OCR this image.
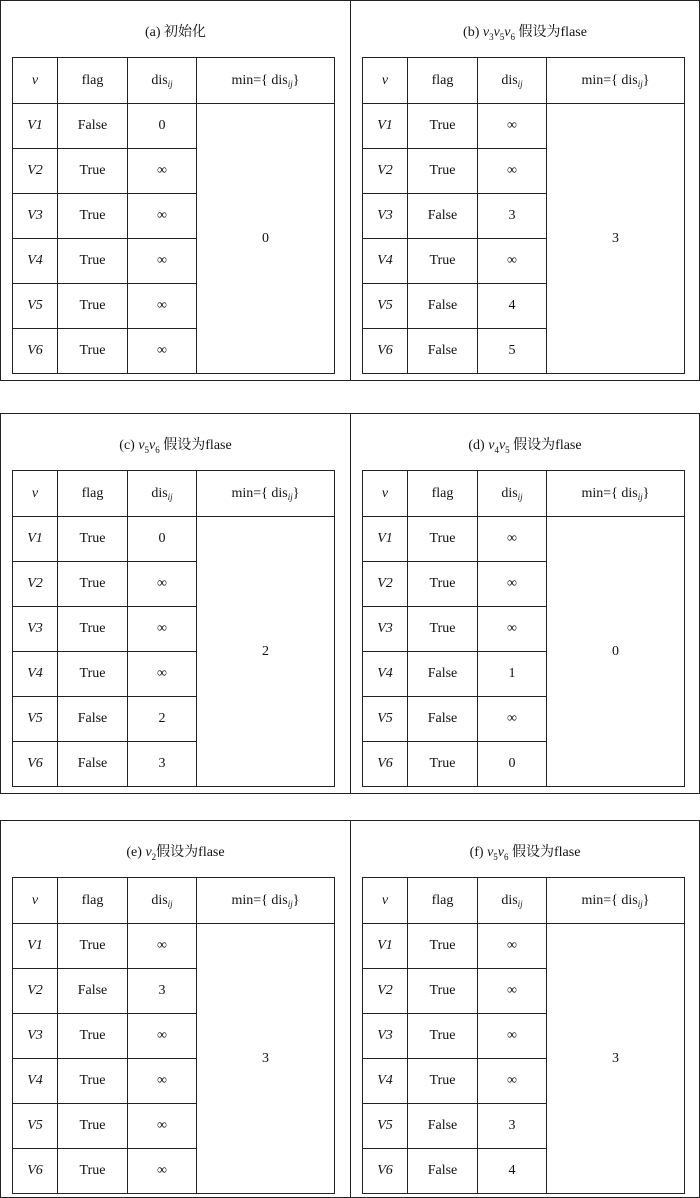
(a) 初始化
v	flag	dis$_{ij}$	min={ dis$_{ij}$}
V1	False	0	0
V2	True	∞	
V3	True	∞	
V4	True	∞	
V5	True	∞	
V6	True	∞	
(b) $v_3v_5v_6$ 假设为flase
v	flag	dis$_{ij}$	min={ dis$_{ij}$}
V1	True	∞	3
V2	True	∞	
V3	False	3	
V4	True	∞	
V5	False	4	
V6	False	5	
(c) $v_5v_6$ 假设为flase
v	flag	dis$_{ij}$	min={ dis$_{ij}$}
V1	True	0	2
V2	True	∞	
V3	True	∞	
V4	True	∞	
V5	False	2	
V6	False	3	
(d) $v_4v_5$ 假设为flase
v	flag	dis$_{ij}$	min={ dis$_{ij}$}
V1	True	∞	0
V2	True	∞	
V3	True	∞	
V4	False	1	
V5	False	∞	
V6	True	0	
(e) $v_2$假设为flase
v	flag	dis$_{ij}$	min={ dis$_{ij}$}
V1	True	∞	3
V2	False	3	
V3	True	∞	
V4	True	∞	
V5	True	∞	
V6	True	∞	
(f) $v_5v_6$ 假设为flase
v	flag	dis$_{ij}$	min={ dis$_{ij}$}
V1	True	∞	3
V2	True	∞	
V3	True	∞	
V4	True	∞	
V5	False	3	
V6	False	4	
